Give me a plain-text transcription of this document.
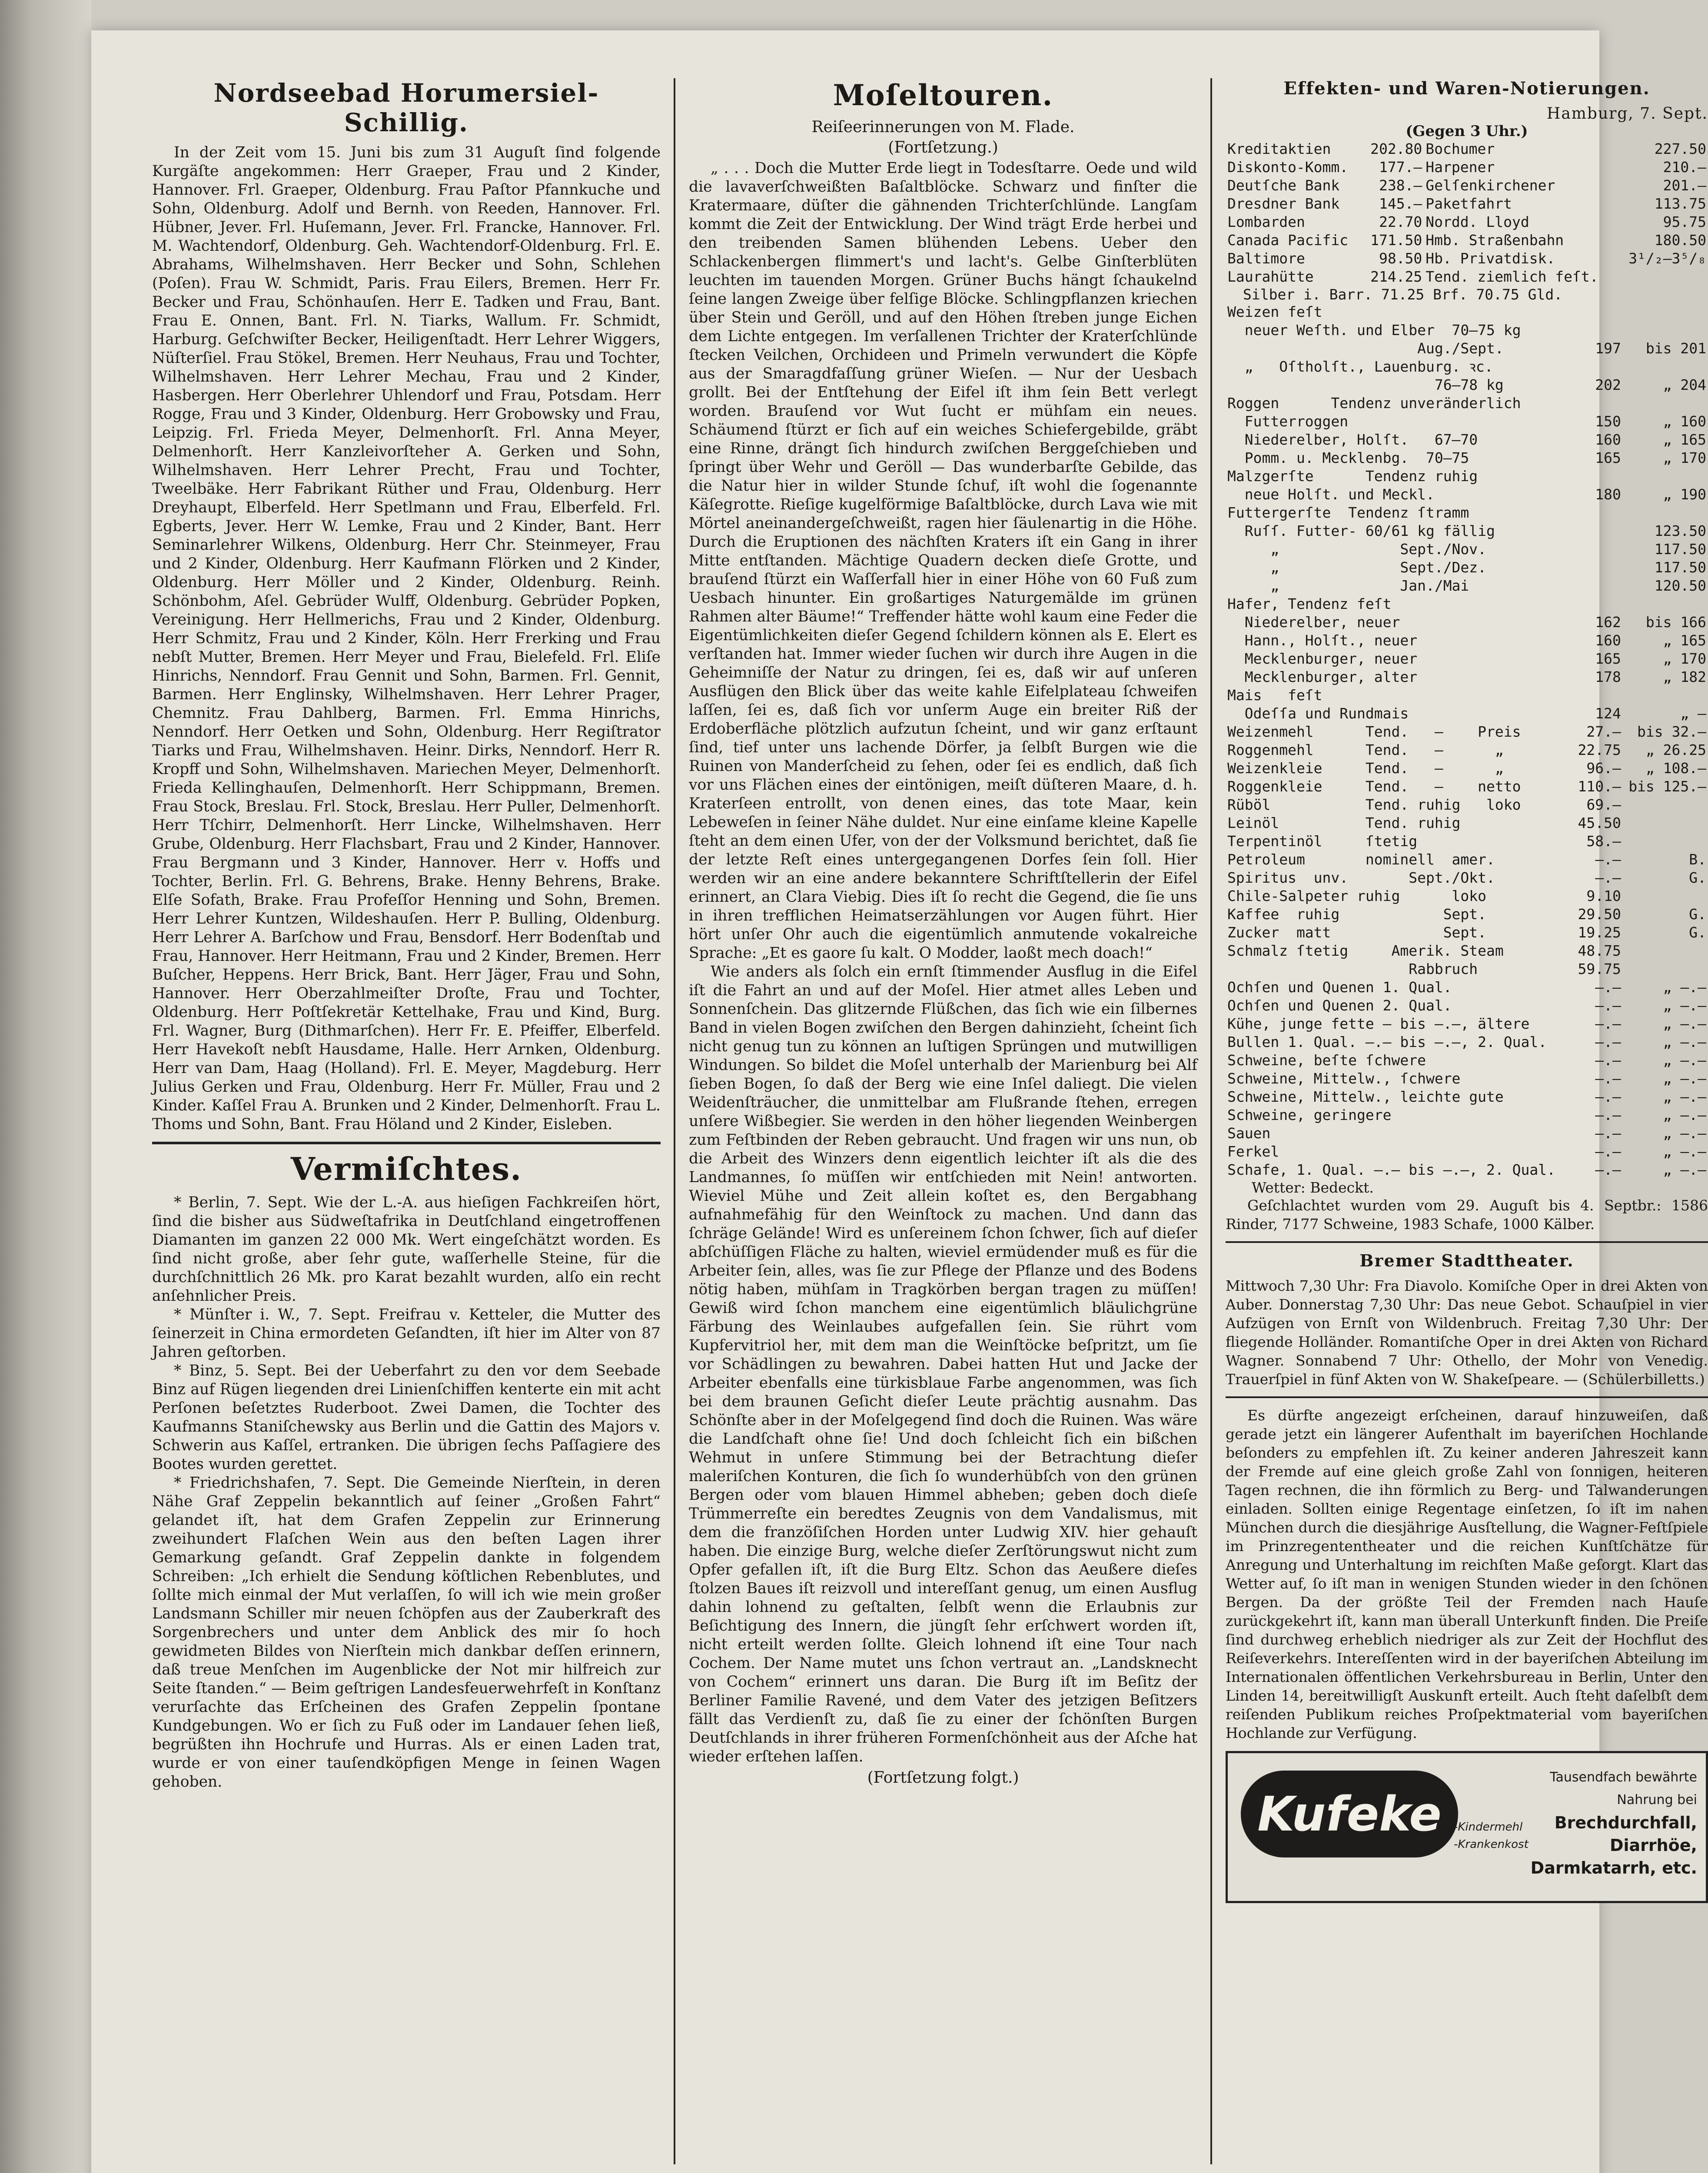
Nordseebad Horumersiel-Schillig.

In der Zeit vom 15. Juni bis zum 31 Auguſt ſind folgende Kurgäſte angekommen: Herr Graeper, Frau und 2 Kinder, Hannover. Frl. Graeper, Oldenburg. Frau Paſtor Pfannkuche und Sohn, Oldenburg. Adolf und Bernh. von Reeden, Hannover. Frl. Hübner, Jever. Frl. Huſemann, Jever. Frl. Francke, Hannover. Frl. M. Wachtendorf, Oldenburg. Geh. Wachtendorf-Oldenburg. Frl. E. Abrahams, Wilhelmshaven. Herr Becker und Sohn, Schlehen (Poſen). Frau W. Schmidt, Paris. Frau Eilers, Bremen. Herr Fr. Becker und Frau, Schönhauſen. Herr E. Tadken und Frau, Bant. Frau E. Onnen, Bant. Frl. N. Tiarks, Wallum. Fr. Schmidt, Harburg. Geſchwiſter Becker, Heiligenſtadt. Herr Lehrer Wiggers, Nüſterſiel. Frau Stökel, Bremen. Herr Neuhaus, Frau und Tochter, Wilhelmshaven. Herr Lehrer Mechau, Frau und 2 Kinder, Hasbergen. Herr Oberlehrer Uhlendorf und Frau, Potsdam. Herr Rogge, Frau und 3 Kinder, Oldenburg. Herr Grobowsky und Frau, Leipzig. Frl. Frieda Meyer, Delmenhorſt. Frl. Anna Meyer, Delmenhorſt. Herr Kanzleivorſteher A. Gerken und Sohn, Wilhelmshaven. Herr Lehrer Precht, Frau und Tochter, Tweelbäke. Herr Fabrikant Rüther und Frau, Oldenburg. Herr Dreyhaupt, Elberfeld. Herr Spetlmann und Frau, Elberfeld. Frl. Egberts, Jever. Herr W. Lemke, Frau und 2 Kinder, Bant. Herr Seminarlehrer Wilkens, Oldenburg. Herr Chr. Steinmeyer, Frau und 2 Kinder, Oldenburg. Herr Kaufmann Flörken und 2 Kinder, Oldenburg. Herr Möller und 2 Kinder, Oldenburg. Reinh. Schönbohm, Aſel. Gebrüder Wulff, Oldenburg. Gebrüder Popken, Vereinigung. Herr Hellmerichs, Frau und 2 Kinder, Oldenburg. Herr Schmitz, Frau und 2 Kinder, Köln. Herr Frerking und Frau nebſt Mutter, Bremen. Herr Meyer und Frau, Bielefeld. Frl. Eliſe Hinrichs, Nenndorf. Frau Gennit und Sohn, Barmen. Frl. Gennit, Barmen. Herr Englinsky, Wilhelmshaven. Herr Lehrer Prager, Chemnitz. Frau Dahlberg, Barmen. Frl. Emma Hinrichs, Nenndorf. Herr Oetken und Sohn, Oldenburg. Herr Regiſtrator Tiarks und Frau, Wilhelmshaven. Heinr. Dirks, Nenndorf. Herr R. Kropff und Sohn, Wilhelmshaven. Mariechen Meyer, Delmenhorſt. Frieda Kellinghauſen, Delmenhorſt. Herr Schippmann, Bremen. Frau Stock, Breslau. Frl. Stock, Breslau. Herr Puller, Delmenhorſt. Herr Tſchirr, Delmenhorſt. Herr Lincke, Wilhelmshaven. Herr Grube, Oldenburg. Herr Flachsbart, Frau und 2 Kinder, Hannover. Frau Bergmann und 3 Kinder, Hannover. Herr v. Hoffs und Tochter, Berlin. Frl. G. Behrens, Brake. Henny Behrens, Brake. Elſe Sofath, Brake. Frau Profeſſor Henning und Sohn, Bremen. Herr Lehrer Kuntzen, Wildeshauſen. Herr P. Bulling, Oldenburg. Herr Lehrer A. Barſchow und Frau, Bensdorf. Herr Bodenſtab und Frau, Hannover. Herr Heitmann, Frau und 2 Kinder, Bremen. Herr Buſcher, Heppens. Herr Brick, Bant. Herr Jäger, Frau und Sohn, Hannover. Herr Oberzahlmeiſter Droſte, Frau und Tochter, Oldenburg. Herr Poſtſekretär Kettelhake, Frau und Kind, Burg. Frl. Wagner, Burg (Dithmarſchen). Herr Fr. E. Pfeiffer, Elberfeld. Herr Havekoſt nebſt Hausdame, Halle. Herr Arnken, Oldenburg. Herr van Dam, Haag (Holland). Frl. E. Meyer, Magdeburg. Herr Julius Gerken und Frau, Oldenburg. Herr Fr. Müller, Frau und 2 Kinder. Kaſſel Frau A. Brunken und 2 Kinder, Delmenhorſt. Frau L. Thoms und Sohn, Bant. Frau Höland und 2 Kinder, Eisleben.

Vermiſchtes.

* Berlin, 7. Sept. Wie der L.-A. aus hieſigen Fachkreiſen hört, ſind die bisher aus Südweſtafrika in Deutſchland eingetroffenen Diamanten im ganzen 22 000 Mk. Wert eingeſchätzt worden. Es ſind nicht große, aber ſehr gute, waſſerhelle Steine, für die durchſchnittlich 26 Mk. pro Karat bezahlt wurden, alſo ein recht anſehnlicher Preis.

* Münſter i. W., 7. Sept. Freifrau v. Ketteler, die Mutter des ſeinerzeit in China ermordeten Geſandten, iſt hier im Alter von 87 Jahren geſtorben.

* Binz, 5. Sept. Bei der Ueberfahrt zu den vor dem Seebade Binz auf Rügen liegenden drei Linienſchiffen kenterte ein mit acht Perſonen beſetztes Ruderboot. Zwei Damen, die Tochter des Kaufmanns Staniſchewsky aus Berlin und die Gattin des Majors v. Schwerin aus Kaſſel, ertranken. Die übrigen ſechs Paſſagiere des Bootes wurden gerettet.

* Friedrichshafen, 7. Sept. Die Gemeinde Nierſtein, in deren Nähe Graf Zeppelin bekanntlich auf ſeiner „Großen Fahrt“ gelandet iſt, hat dem Grafen Zeppelin zur Erinnerung zweihundert Flaſchen Wein aus den beſten Lagen ihrer Gemarkung geſandt. Graf Zeppelin dankte in folgendem Schreiben: „Ich erhielt die Sendung köſtlichen Rebenblutes, und ſollte mich einmal der Mut verlaſſen, ſo will ich wie mein großer Landsmann Schiller mir neuen ſchöpfen aus der Zauberkraft des Sorgenbrechers und unter dem Anblick des mir ſo hoch gewidmeten Bildes von Nierſtein mich dankbar deſſen erinnern, daß treue Menſchen im Augenblicke der Not mir hilfreich zur Seite ſtanden.“ — Beim geſtrigen Landesfeuerwehrfeſt in Konſtanz verurſachte das Erſcheinen des Grafen Zeppelin ſpontane Kundgebungen. Wo er ſich zu Fuß oder im Landauer ſehen ließ, begrüßten ihn Hochrufe und Hurras. Als er einen Laden trat, wurde er von einer tauſendköpfigen Menge in ſeinen Wagen gehoben.

Moſeltouren.
Reiſeerinnerungen von M. Flade.
(Fortſetzung.)

„ . . . Doch die Mutter Erde liegt in Todesſtarre. Oede und wild die lavaverſchweißten Baſaltblöcke. Schwarz und finſter die Kratermaare, düſter die gähnenden Trichterſchlünde. Langſam kommt die Zeit der Entwicklung. Der Wind trägt Erde herbei und den treibenden Samen blühenden Lebens. Ueber den Schlackenbergen flimmert's und lacht's. Gelbe Ginſterblüten leuchten im tauenden Morgen. Grüner Buchs hängt ſchaukelnd ſeine langen Zweige über felſige Blöcke. Schlingpflanzen kriechen über Stein und Geröll, und auf den Höhen ſtreben junge Eichen dem Lichte entgegen. Im verſallenen Trichter der Kraterſchlünde ſtecken Veilchen, Orchideen und Primeln verwundert die Köpfe aus der Smaragdfaſſung grüner Wieſen. — Nur der Uesbach grollt. Bei der Entſtehung der Eifel iſt ihm ſein Bett verlegt worden. Brauſend vor Wut ſucht er mühſam ein neues. Schäumend ſtürzt er ſich auf ein weiches Schiefergebilde, gräbt eine Rinne, drängt ſich hindurch zwiſchen Berggeſchieben und ſpringt über Wehr und Geröll — Das wunderbarſte Gebilde, das die Natur hier in wilder Stunde ſchuf, iſt wohl die ſogenannte Käſegrotte. Rieſige kugelförmige Baſaltblöcke, durch Lava wie mit Mörtel aneinandergeſchweißt, ragen hier ſäulenartig in die Höhe. Durch die Eruptionen des nächſten Kraters iſt ein Gang in ihrer Mitte entſtanden. Mächtige Quadern decken dieſe Grotte, und brauſend ſtürzt ein Waſſerfall hier in einer Höhe von 60 Fuß zum Uesbach hinunter. Ein großartiges Naturgemälde im grünen Rahmen alter Bäume!“ Treffender hätte wohl kaum eine Feder die Eigentümlichkeiten dieſer Gegend ſchildern können als E. Elert es verſtanden hat. Immer wieder ſuchen wir durch ihre Augen in die Geheimniſſe der Natur zu dringen, ſei es, daß wir auf unſeren Ausflügen den Blick über das weite kahle Eifelplateau ſchweifen laſſen, ſei es, daß ſich vor unſerm Auge ein breiter Riß der Erdoberfläche plötzlich aufzutun ſcheint, und wir ganz erſtaunt ſind, tief unter uns lachende Dörfer, ja ſelbſt Burgen wie die Ruinen von Manderſcheid zu ſehen, oder ſei es endlich, daß ſich vor uns Flächen eines der eintönigen, meiſt düſteren Maare, d. h. Kraterſeen entrollt, von denen eines, das tote Maar, kein Lebeweſen in ſeiner Nähe duldet. Nur eine einſame kleine Kapelle ſteht an dem einen Ufer, von der der Volksmund berichtet, daß ſie der letzte Reſt eines untergegangenen Dorfes ſein ſoll. Hier werden wir an eine andere bekanntere Schriftſtellerin der Eifel erinnert, an Clara Viebig. Dies iſt ſo recht die Gegend, die ſie uns in ihren trefflichen Heimatserzählungen vor Augen führt. Hier hört unſer Ohr auch die eigentümlich anmutende vokalreiche Sprache: „Et es gaore ſu kalt. O Modder, laoßt mech doach!“

Wie anders als ſolch ein ernſt ſtimmender Ausflug in die Eifel iſt die Fahrt an und auf der Moſel. Hier atmet alles Leben und Sonnenſchein. Das glitzernde Flüßchen, das ſich wie ein ſilbernes Band in vielen Bogen zwiſchen den Bergen dahinzieht, ſcheint ſich nicht genug tun zu können an luſtigen Sprüngen und mutwilligen Windungen. So bildet die Moſel unterhalb der Marienburg bei Alf ſieben Bogen, ſo daß der Berg wie eine Inſel daliegt. Die vielen Weidenſträucher, die unmittelbar am Flußrande ſtehen, erregen unſere Wißbegier. Sie werden in den höher liegenden Weinbergen zum Feſtbinden der Reben gebraucht. Und fragen wir uns nun, ob die Arbeit des Winzers denn eigentlich leichter iſt als die des Landmannes, ſo müſſen wir entſchieden mit Nein! antworten. Wieviel Mühe und Zeit allein koſtet es, den Bergabhang aufnahmefähig für den Weinſtock zu machen. Und dann das ſchräge Gelände! Wird es unſereinem ſchon ſchwer, ſich auf dieſer abſchüſſigen Fläche zu halten, wieviel ermüdender muß es für die Arbeiter ſein, alles, was ſie zur Pflege der Pflanze und des Bodens nötig haben, mühſam in Tragkörben bergan tragen zu müſſen! Gewiß wird ſchon manchem eine eigentümlich bläulichgrüne Färbung des Weinlaubes aufgefallen ſein. Sie rührt vom Kupfervitriol her, mit dem man die Weinſtöcke beſpritzt, um ſie vor Schädlingen zu bewahren. Dabei hatten Hut und Jacke der Arbeiter ebenfalls eine türkisblaue Farbe angenommen, was ſich bei dem braunen Geſicht dieſer Leute prächtig ausnahm. Das Schönſte aber in der Moſelgegend ſind doch die Ruinen. Was wäre die Landſchaft ohne ſie! Und doch ſchleicht ſich ein bißchen Wehmut in unſere Stimmung bei der Betrachtung dieſer maleriſchen Konturen, die ſich ſo wunderhübſch von den grünen Bergen oder vom blauen Himmel abheben; geben doch dieſe Trümmerreſte ein beredtes Zeugnis von dem Vandalismus, mit dem die franzöſiſchen Horden unter Ludwig XIV. hier gehauſt haben. Die einzige Burg, welche dieſer Zerſtörungswut nicht zum Opfer gefallen iſt, iſt die Burg Eltz. Schon das Aeußere dieſes ſtolzen Baues iſt reizvoll und intereſſant genug, um einen Ausflug dahin lohnend zu geſtalten, ſelbſt wenn die Erlaubnis zur Beſichtigung des Innern, die jüngſt ſehr erſchwert worden iſt, nicht erteilt werden ſollte. Gleich lohnend iſt eine Tour nach Cochem. Der Name mutet uns ſchon vertraut an. „Landsknecht von Cochem“ erinnert uns daran. Die Burg iſt im Beſitz der Berliner Familie Ravené, und dem Vater des jetzigen Beſitzers fällt das Verdienſt zu, daß ſie zu einer der ſchönſten Burgen Deutſchlands in ihrer früheren Formenſchönheit aus der Aſche hat wieder erſtehen laſſen.

(Fortſetzung folgt.)
Effekten- und Waren-Notierungen.
Hamburg, 7. Sept.
(Gegen 3 Uhr.)
Kreditaktien	202.80	Bochumer	227.50
Diskonto-Komm.	177.—	Harpener	210.—
Deutſche Bank	238.—	Gelſenkirchener	201.—
Dresdner Bank	145.—	Paketfahrt	113.75
Lombarden	22.70	Nordd. Lloyd	95.75
Canada Pacific	171.50	Hmb. Straßenbahn	180.50
Baltimore	98.50	Hb. Privatdisk.	3¹/₂—3⁵/₈
Laurahütte	214.25	Tend. ziemlich feſt.	
Silber i. Barr. 71.25 Brf. 70.75 Gld.
Weizen feſt		
neuer Weſth. und Elber  70—75 kg		
Aug./Sept.	197	bis 201
„   Oſtholſt., Lauenburg. ꝛc.		
76—78 kg	202	„ 204
Roggen      Tendenz unveränderlich		
Futterroggen	150	„ 160
Niederelber, Holſt.   67—70	160	„ 165
Pomm. u. Mecklenbg.  70—75	165	„ 170
Malzgerſte      Tendenz ruhig		
neue Holſt. und Meckl.	180	„ 190
Futtergerſte  Tendenz ſtramm		
Ruſſ. Futter- 60/61 kg fällig		123.50
„              Sept./Nov.		117.50
„              Sept./Dez.		117.50
„              Jan./Mai		120.50
Hafer, Tendenz feſt		
Niederelber, neuer	162	bis 166
Hann., Holſt., neuer	160	„ 165
Mecklenburger, neuer	165	„ 170
Mecklenburger, alter	178	„ 182
Mais   feſt		
Odeſſa und Rundmais	124	„ —
Weizenmehl      Tend.   —    Preis	27.—	bis 32.—
Roggenmehl      Tend.   —      „	22.75	„ 26.25
Weizenkleie     Tend.   —      „	96.—	„ 108.—
Roggenkleie     Tend.   —    netto	110.—	bis 125.—
Rüböl           Tend. ruhig   loko	69.—	
Leinöl          Tend. ruhig	45.50	
Terpentinöl     ſtetig	58.—	
Petroleum       nominell  amer.	—.—	B.
Spiritus  unv.       Sept./Okt.	—.—	G.
Chile-Salpeter ruhig      loko	9.10	
Kaffee  ruhig            Sept.	29.50	G.
Zucker  matt             Sept.	19.25	G.
Schmalz ſtetig     Amerik. Steam	48.75	
Rabbruch	59.75	
Ochſen und Quenen 1. Qual.	—.—	„ —.—
Ochſen und Quenen 2. Qual.	—.—	„ —.—
Kühe, junge fette — bis —.—, ältere	—.—	„ —.—
Bullen 1. Qual. —.— bis —.—, 2. Qual.	—.—	„ —.—
Schweine, beſte ſchwere	—.—	„ —.—
Schweine, Mittelw., ſchwere	—.—	„ —.—
Schweine, Mittelw., leichte gute	—.—	„ —.—
Schweine, geringere	—.—	„ —.—
Sauen	—.—	„ —.—
Ferkel	—.—	„ —.—
Schafe, 1. Qual. —.— bis —.—, 2. Qual.	—.—	„ —.—
Wetter: Bedeckt.

Geſchlachtet wurden vom 29. Auguſt bis 4. Septbr.: 1586 Rinder, 7177 Schweine, 1983 Schafe, 1000 Kälber.

Bremer Stadttheater.

Mittwoch 7,30 Uhr: Fra Diavolo. Komiſche Oper in drei Akten von Auber. Donnerstag 7,30 Uhr: Das neue Gebot. Schauſpiel in vier Aufzügen von Ernſt von Wildenbruch. Freitag 7,30 Uhr: Der fliegende Holländer. Romantiſche Oper in drei Akten von Richard Wagner. Sonnabend 7 Uhr: Othello, der Mohr von Venedig. Trauerſpiel in fünf Akten von W. Shakeſpeare. — (Schülerbilletts.)

Es dürfte angezeigt erſcheinen, darauf hinzuweiſen, daß gerade jetzt ein längerer Aufenthalt im bayeriſchen Hochlande beſonders zu empfehlen iſt. Zu keiner anderen Jahreszeit kann der Fremde auf eine gleich große Zahl von ſonnigen, heiteren Tagen rechnen, die ihn förmlich zu Berg- und Talwanderungen einladen. Sollten einige Regentage einſetzen, ſo iſt im nahen München durch die diesjährige Ausſtellung, die Wagner-Feſtſpiele im Prinzregententheater und die reichen Kunſtſchätze für Anregung und Unterhaltung im reichſten Maße geſorgt. Klart das Wetter auf, ſo iſt man in wenigen Stunden wieder in den ſchönen Bergen. Da der größte Teil der Fremden nach Hauſe zurückgekehrt iſt, kann man überall Unterkunft finden. Die Preiſe ſind durchweg erheblich niedriger als zur Zeit der Hochflut des Reiſeverkehrs. Intereſſenten wird in der bayeriſchen Abteilung im Internationalen öffentlichen Verkehrsbureau in Berlin, Unter den Linden 14, bereitwilligſt Auskunft erteilt. Auch ſteht daſelbſt dem reiſenden Publikum reiches Proſpektmaterial vom bayeriſchen Hochlande zur Verfügung.

Kufeke	-Kindermehl
-Krankenkost
Tausendfach bewährte
Nahrung bei
Brechdurchfall,
Diarrhöe,
Darmkatarrh, etc.
